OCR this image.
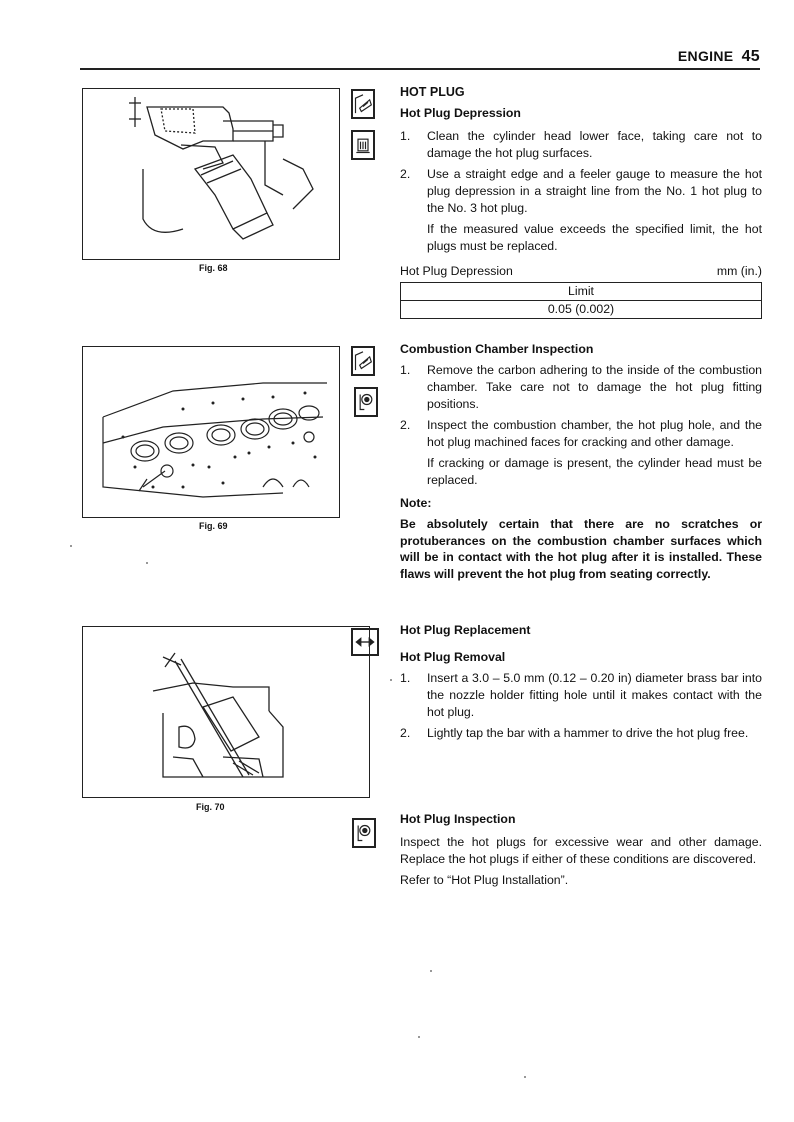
ENGINE 45
Fig. 68
Fig. 69
Fig. 70
HOT PLUG
Hot Plug Depression
1. Clean the cylinder head lower face, taking care not to damage the hot plug surfaces.
2. Use a straight edge and a feeler gauge to measure the hot plug depression in a straight line from the No. 1 hot plug to the No. 3 hot plug.
If the measured value exceeds the specified limit, the hot plugs must be replaced.
Hot Plug Depression	mm (in.)
Limit
0.05 (0.002)
Combustion Chamber Inspection
1. Remove the carbon adhering to the inside of the combustion chamber. Take care not to damage the hot plug fitting positions.
2. Inspect the combustion chamber, the hot plug hole, and the hot plug machined faces for cracking and other damage.
If cracking or damage is present, the cylinder head must be replaced.
Note:
Be absolutely certain that there are no scratches or protuberances on the combustion chamber surfaces which will be in contact with the hot plug after it is installed. These flaws will prevent the hot plug from seating correctly.
Hot Plug Replacement
Hot Plug Removal
1. Insert a 3.0 – 5.0 mm (0.12 – 0.20 in) diameter brass bar into the nozzle holder fitting hole until it makes contact with the hot plug.
2. Lightly tap the bar with a hammer to drive the hot plug free.
Hot Plug Inspection
Inspect the hot plugs for excessive wear and other damage. Replace the hot plugs if either of these conditions are discovered.
Refer to “Hot Plug Installation”.
